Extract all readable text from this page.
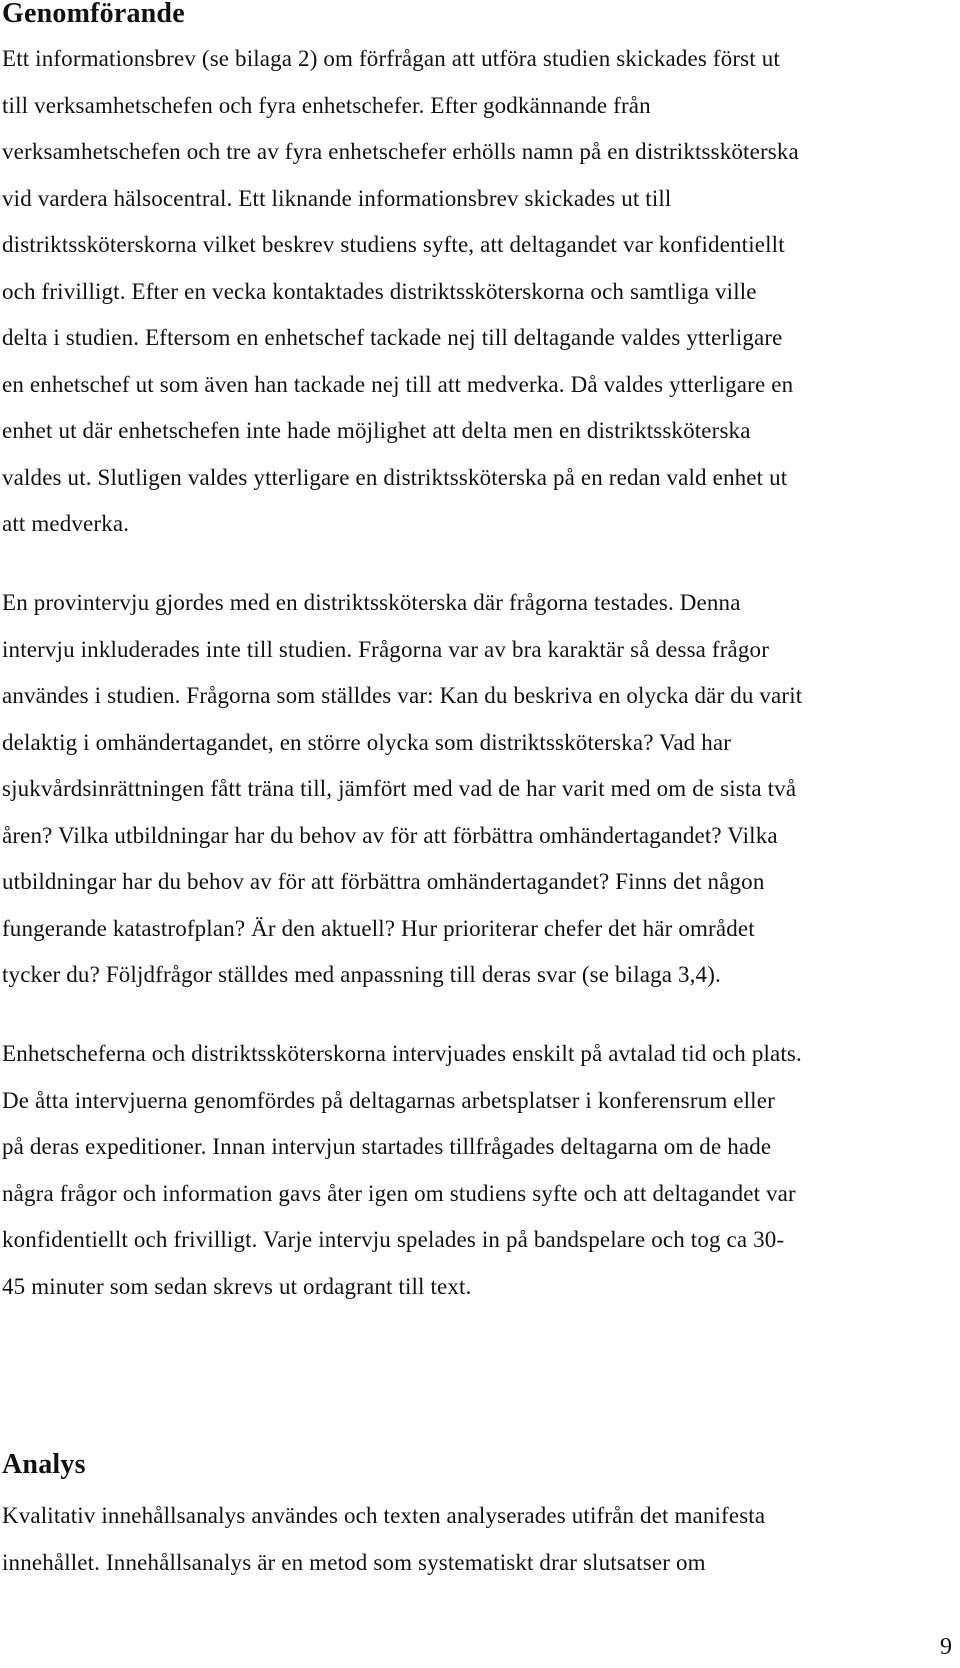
Genomförande
Ett informationsbrev (se bilaga 2) om förfrågan att utföra studien skickades först ut
till verksamhetschefen och fyra enhetschefer. Efter godkännande från
verksamhetschefen och tre av fyra enhetschefer erhölls namn på en distriktssköterska
vid vardera hälsocentral. Ett liknande informationsbrev skickades ut till
distriktssköterskorna vilket beskrev studiens syfte, att deltagandet var konfidentiellt
och frivilligt. Efter en vecka kontaktades distriktssköterskorna och samtliga ville
delta i studien. Eftersom en enhetschef tackade nej till deltagande valdes ytterligare
en enhetschef ut som även han tackade nej till att medverka. Då valdes ytterligare en
enhet ut där enhetschefen inte hade möjlighet att delta men en distriktssköterska
valdes ut. Slutligen valdes ytterligare en distriktssköterska på en redan vald enhet ut
att medverka.
En provintervju gjordes med en distriktssköterska där frågorna testades. Denna
intervju inkluderades inte till studien. Frågorna var av bra karaktär så dessa frågor
användes i studien. Frågorna som ställdes var: Kan du beskriva en olycka där du varit
delaktig i omhändertagandet, en större olycka som distriktssköterska? Vad har
sjukvårdsinrättningen fått träna till, jämfört med vad de har varit med om de sista två
åren? Vilka utbildningar har du behov av för att förbättra omhändertagandet? Vilka
utbildningar har du behov av för att förbättra omhändertagandet? Finns det någon
fungerande katastrofplan? Är den aktuell? Hur prioriterar chefer det här området
tycker du? Följdfrågor ställdes med anpassning till deras svar (se bilaga 3,4).
Enhetscheferna och distriktssköterskorna intervjuades enskilt på avtalad tid och plats.
De åtta intervjuerna genomfördes på deltagarnas arbetsplatser i konferensrum eller
på deras expeditioner. Innan intervjun startades tillfrågades deltagarna om de hade
några frågor och information gavs åter igen om studiens syfte och att deltagandet var
konfidentiellt och frivilligt. Varje intervju spelades in på bandspelare och tog ca 30-
45 minuter som sedan skrevs ut ordagrant till text.
Analys
Kvalitativ innehållsanalys användes och texten analyserades utifrån det manifesta
innehållet. Innehållsanalys är en metod som systematiskt drar slutsatser om
9
